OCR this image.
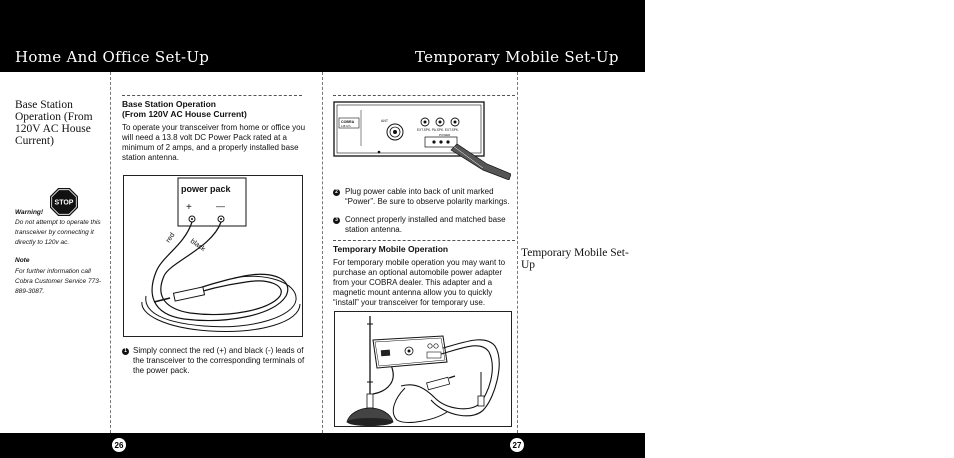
Home And Office Set-Up	Temporary Mobile Set-Up
Base Station Operation (From 120V AC House Current)
STOP
Warning!
Do not attempt to operate this transceiver by connecting it directly to 120v ac.
Note
For further information call Cobra Customer Service 773-889-3087.
Base Station Operation
(From 120V AC House Current)
To operate your transceiver from home or office you will need a 13.8 volt DC Power Pack rated at a minimum of 2 amps, and a properly installed base station antenna.
power pack
+	—
red black
1 Simply connect the red (+) and black (-) leads of the transceiver to the corresponding terminals of the power pack.
COBRA
148 GTL
ANT
EXT.SPK. PA.SPK. EXT.SPK.
POWER
2 Plug power cable into back of unit marked “Power”. Be sure to observe polarity markings.
3 Connect properly installed and matched base station antenna.
Temporary Mobile Operation
For temporary mobile operation you may want to purchase an optional automobile power adapter from your COBRA dealer. This adapter and a magnetic mount antenna allow you to quickly “install” your transceiver for temporary use.
Temporary Mobile Set-Up
26	27
